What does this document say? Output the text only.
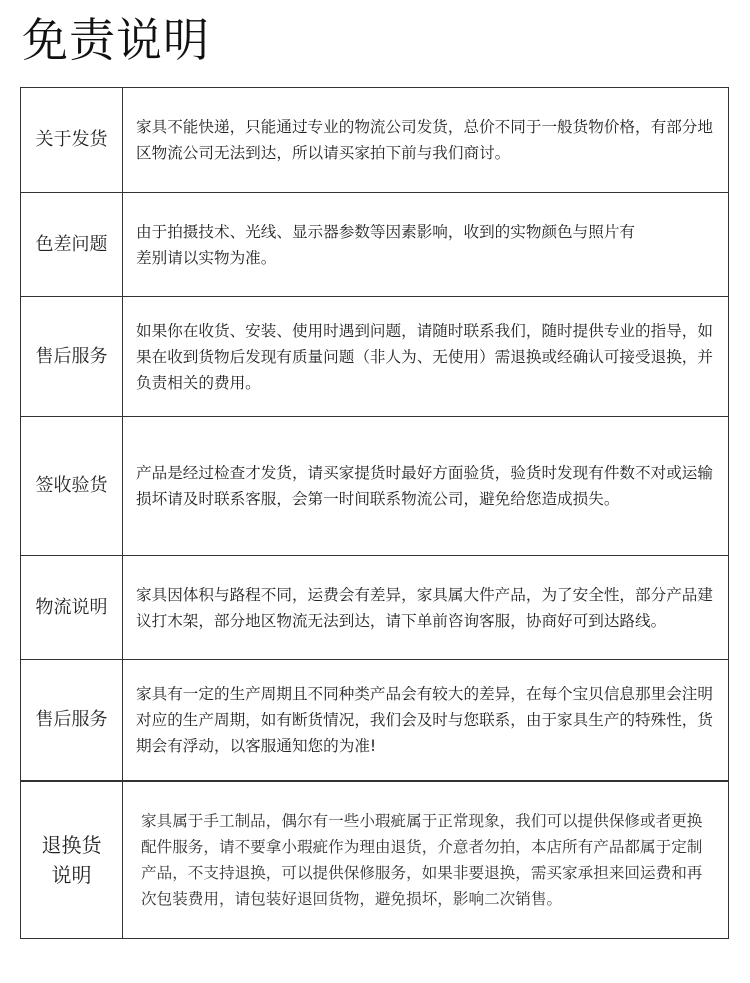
免责说明
关于发货

家具不能快递，只能通过专业的物流公司发货，总价不同于一般货物价格，有部分地区物流公司无法到达，所以请买家拍下前与我们商讨。

色差问题

由于拍摄技术、光线、显示器参数等因素影响，收到的实物颜色与照片有差别请以实物为准。

售后服务

如果你在收货、安装、使用时遇到问题，请随时联系我们，随时提供专业的指导，如果在收到货物后发现有质量问题（非人为、无使用）需退换或经确认可接受退换，并负责相关的费用。

签收验货

产品是经过检查才发货，请买家提货时最好方面验货，验货时发现有件数不对或运输损坏请及时联系客服，会第一时间联系物流公司，避免给您造成损失。

物流说明

家具因体积与路程不同，运费会有差异，家具属大件产品，为了安全性，部分产品建议打木架，部分地区物流无法到达，请下单前咨询客服，协商好可到达路线。

售后服务

家具有一定的生产周期且不同种类产品会有较大的差异，在每个宝贝信息那里会注明对应的生产周期，如有断货情况，我们会及时与您联系，由于家具生产的特殊性，货期会有浮动，以客服通知您的为准!

退换货说明

家具属于手工制品，偶尔有一些小瑕疵属于正常现象，我们可以提供保修或者更换配件服务，请不要拿小瑕疵作为理由退货，介意者勿拍，本店所有产品都属于定制产品，不支持退换，可以提供保修服务，如果非要退换，需买家承担来回运费和再次包装费用，请包装好退回货物，避免损坏，影响二次销售。
